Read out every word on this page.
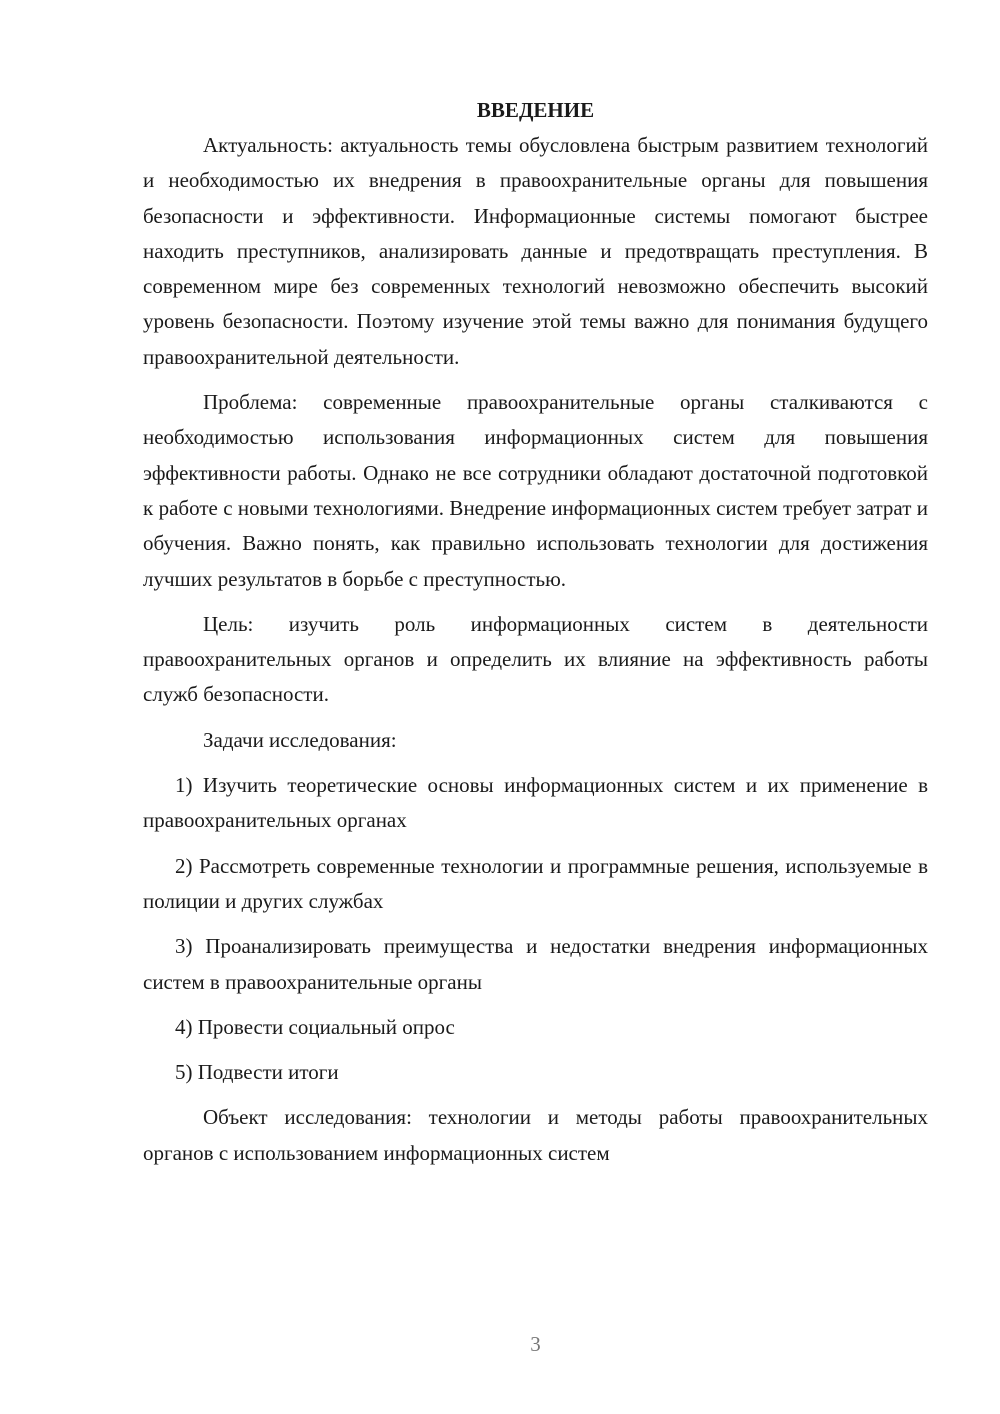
ВВЕДЕНИЕ

Актуальность: актуальность темы обусловлена быстрым развитием технологий и необходимостью их внедрения в правоохранительные органы для повышения безопасности и эффективности. Информационные системы помогают быстрее находить преступников, анализировать данные и предотвращать преступления. В современном мире без современных технологий невозможно обеспечить высокий уровень безопасности. Поэтому изучение этой темы важно для понимания будущего правоохранительной деятельности.

Проблема: современные правоохранительные органы сталкиваются с необходимостью использования информационных систем для повышения эффективности работы. Однако не все сотрудники обладают достаточной подготовкой к работе с новыми технологиями. Внедрение информационных систем требует затрат и обучения. Важно понять, как правильно использовать технологии для достижения лучших результатов в борьбе с преступностью.

Цель: изучить роль информационных систем в деятельности правоохранительных органов и определить их влияние на эффективность работы служб безопасности.

Задачи исследования:

1) Изучить теоретические основы информационных систем и их применение в правоохранительных органах

2) Рассмотреть современные технологии и программные решения, используемые в полиции и других службах

3) Проанализировать преимущества и недостатки внедрения информационных систем в правоохранительные органы

4) Провести социальный опрос

5) Подвести итоги

Объект исследования: технологии и методы работы правоохранительных органов с использованием информационных систем

3
